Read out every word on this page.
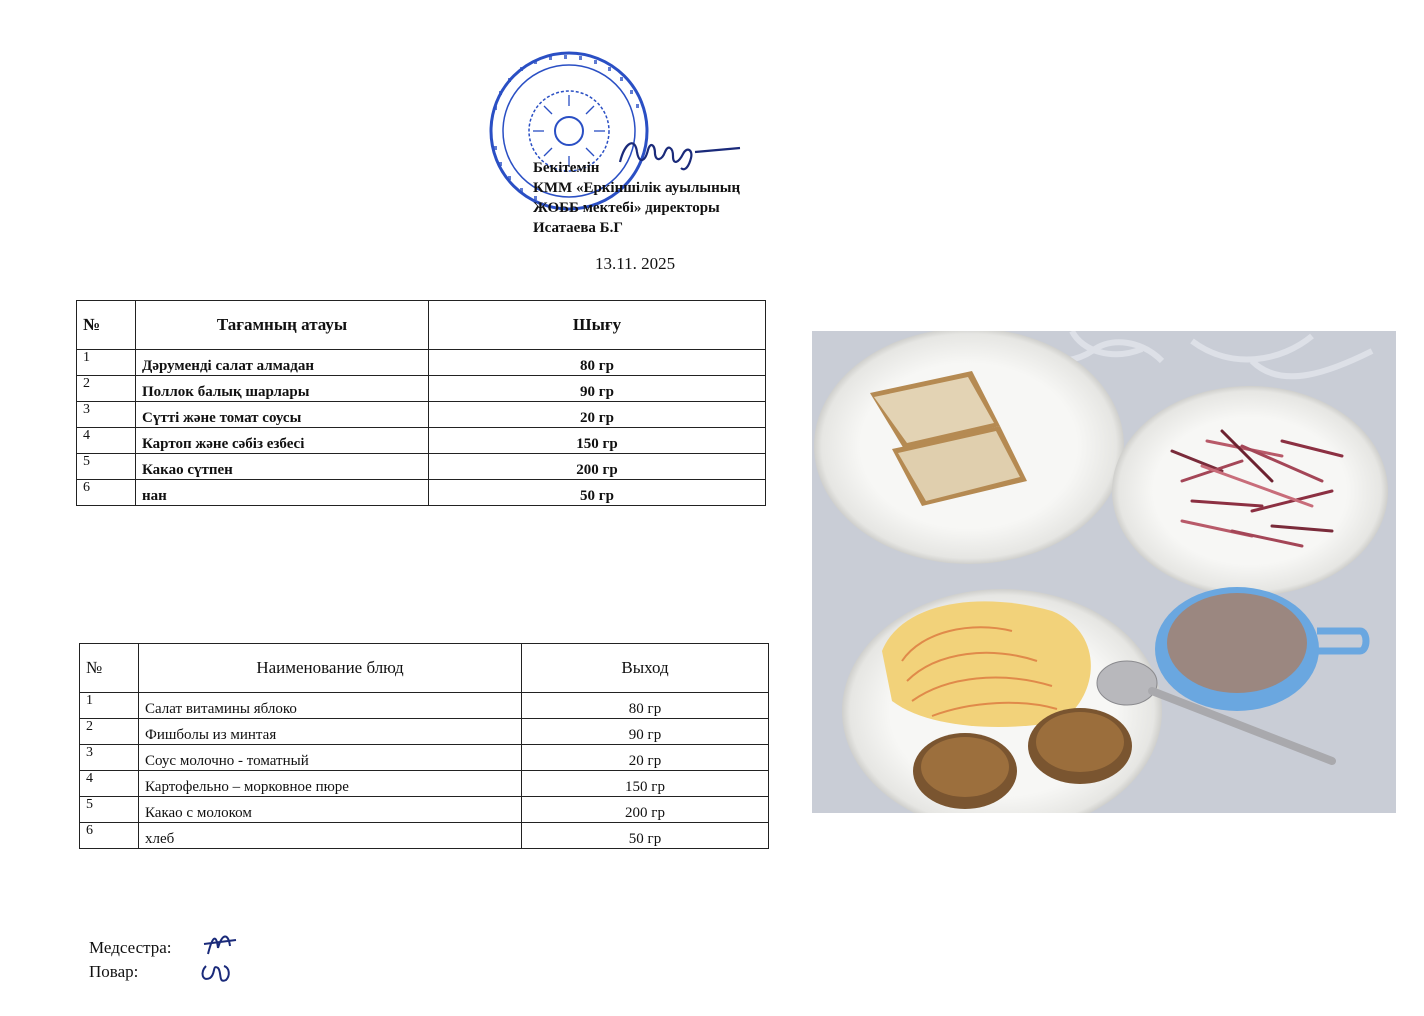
Бекітемін
КММ «Еркіншілік ауылының
ЖОББ мектебі» директоры
Исатаева Б.Г
13.11. 2025
№	Тағамның атауы	Шығу
1	Дәруменді салат алмадан	80 гр
2	Поллок балық шарлары	90 гр
3	Сүтті және томат соусы	20 гр
4	Картоп және сәбіз езбесі	150 гр
5	Какао сүтпен	200 гр
6	нан	50 гр
№	Наименование блюд	Выход
1	Салат витамины яблоко	80 гр
2	Фишболы из минтая	90 гр
3	Соус молочно - томатный	20 гр
4	Картофельно – морковное пюре	150 гр
5	Какао с молоком	200 гр
6	хлеб	50 гр
Медсестра:
Повар:
